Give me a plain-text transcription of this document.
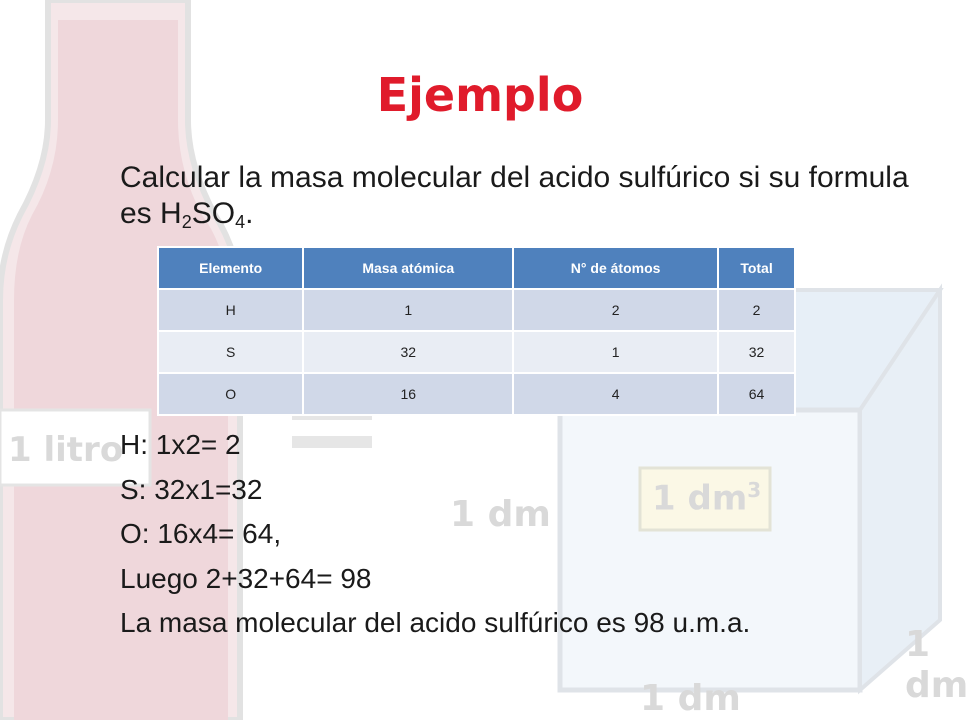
1 litro
1 $dm^3$
1 dm
1 dm
1 dm
Ejemplo
Calcular la masa molecular del acido sulfúrico si su formula es $H_2SO_4$.
Elemento	Masa atómica	N° de átomos	Total
H	1	2	2
S	32	1	32
O	16	4	64
H: 1x2= 2
S: 32x1=32
O: 16x4= 64,
Luego 2+32+64= 98
La masa molecular del acido sulfúrico es 98 u.m.a.
